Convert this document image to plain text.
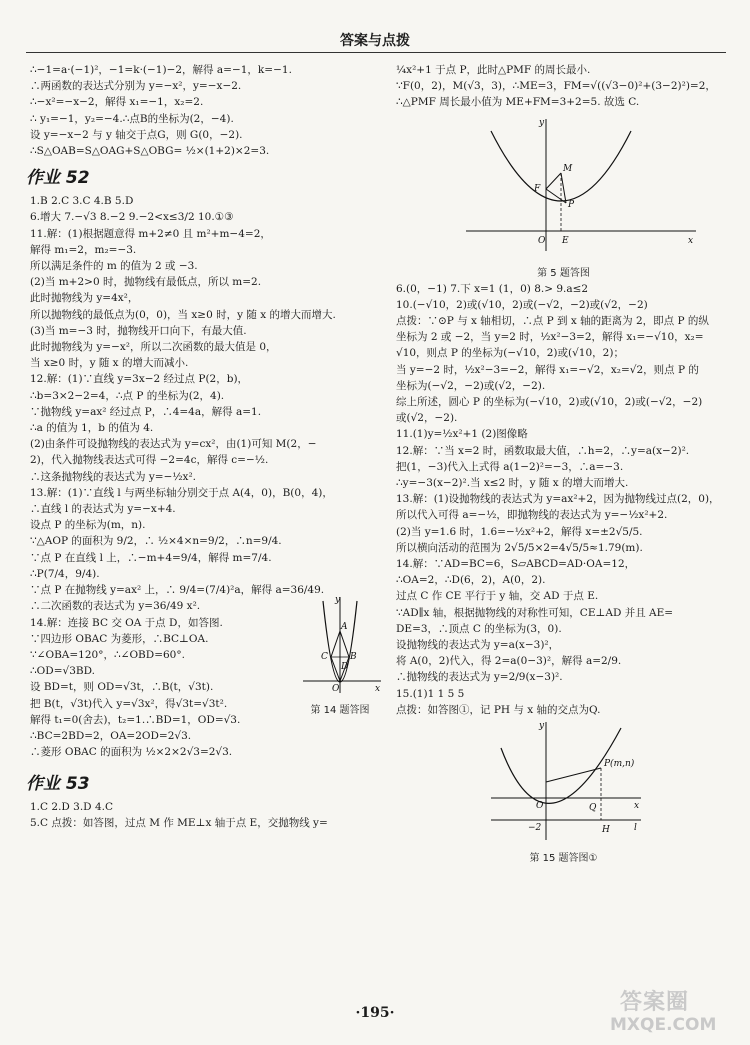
答案与点拨
∴−1=a·(−1)²，−1=k·(−1)−2，解得 a=−1，k=−1.
∴两函数的表达式分别为 y=−x²，y=−x−2.
∴−x²=−x−2，解得 x₁=−1，x₂=2.
∴ y₁=−1，y₂=−4.∴点B的坐标为(2，−4).
设 y=−x−2 与 y 轴交于点G，则 G(0，−2).
∴S△OAB=S△OAG+S△OBG= ½×(1+2)×2=3.
作业 52
1.B 2.C 3.C 4.B 5.D
6.增大 7.−√3 8.−2 9.−2<x≤3/2 10.①③
11.解：(1)根据题意得 m+2≠0 且 m²+m−4=2，
解得 m₁=2，m₂=−3.
所以满足条件的 m 的值为 2 或 −3.
(2)当 m+2>0 时，抛物线有最低点，所以 m=2.
此时抛物线为 y=4x²，
所以抛物线的最低点为(0，0)，当 x≥0 时，y 随 x 的增大而增大.
(3)当 m=−3 时，抛物线开口向下，有最大值.
此时抛物线为 y=−x²，所以二次函数的最大值是 0，
当 x≥0 时，y 随 x 的增大而减小.
12.解：(1)∵直线 y=3x−2 经过点 P(2，b)，
∴b=3×2−2=4，∴点 P 的坐标为(2，4).
∵抛物线 y=ax² 经过点 P，∴4=4a，解得 a=1.
∴a 的值为 1，b 的值为 4.
(2)由条件可设抛物线的表达式为 y=cx²，由(1)可知 M(2，−
2)，代入抛物线表达式可得 −2=4c，解得 c=−½.
∴这条抛物线的表达式为 y=−½x².
13.解：(1)∵直线 l 与两坐标轴分别交于点 A(4，0)，B(0，4)，
∴直线 l 的表达式为 y=−x+4.
设点 P 的坐标为(m，n).
∵△AOP 的面积为 9/2，∴ ½×4×n=9/2，∴n=9/4.
∵点 P 在直线 l 上，∴−m+4=9/4，解得 m=7/4.
∴P(7/4，9/4).
∵点 P 在抛物线 y=ax² 上，∴ 9/4=(7/4)²a，解得 a=36/49.
∴二次函数的表达式为 y=36/49 x².
14.解：连接 BC 交 OA 于点 D，如答图.
∵四边形 OBAC 为菱形，∴BC⊥OA.
∵∠OBA=120°，∴∠OBD=60°.
∴OD=√3BD.
设 BD=t，则 OD=√3t，∴B(t，√3t).
把 B(t，√3t)代入 y=√3x²，得√3t=√3t².
解得 t₁=0(舍去)，t₂=1.∴BD=1，OD=√3.
∴BC=2BD=2，OA=2OD=2√3.
∴菱形 OBAC 的面积为 ½×2×2√3=2√3.
y
A
C B
D
O	x
第 14 题答图
作业 53
1.C 2.D 3.D 4.C
5.C 点拨：如答图，过点 M 作 ME⊥x 轴于点 E，交抛物线 y=
¼x²+1 于点 P，此时△PMF 的周长最小.
∵F(0，2)，M(√3，3)，∴ME=3，FM=√((√3−0)²+(3−2)²)=2，
∴△PMF 周长最小值为 ME+FM=3+2=5. 故选 C.
y
F
M
P
O E	x
第 5 题答图
6.(0，−1) 7.下 x=1 (1，0) 8.> 9.a≤2
10.(−√10，2)或(√10，2)或(−√2，−2)或(√2，−2)
点拨：∵⊙P 与 x 轴相切，∴点 P 到 x 轴的距离为 2，即点 P 的纵
坐标为 2 或 −2，当 y=2 时，½x²−3=2，解得 x₁=−√10，x₂=
√10，则点 P 的坐标为(−√10，2)或(√10，2)；
当 y=−2 时，½x²−3=−2，解得 x₁=−√2，x₂=√2，则点 P 的
坐标为(−√2，−2)或(√2，−2).
综上所述，圆心 P 的坐标为(−√10，2)或(√10，2)或(−√2，−2)
或(√2，−2).
11.(1)y=½x²+1 (2)图像略
12.解：∵当 x=2 时，函数取最大值，∴h=2，∴y=a(x−2)².
把(1，−3)代入上式得 a(1−2)²=−3，∴a=−3.
∴y=−3(x−2)².当 x≤2 时，y 随 x 的增大而增大.
13.解：(1)设抛物线的表达式为 y=ax²+2，因为抛物线过点(2，0)，
所以代入可得 a=−½，即抛物线的表达式为 y=−½x²+2.
(2)当 y=1.6 时，1.6=−½x²+2，解得 x=±2√5/5.
所以横向活动的范围为 2√5/5×2=4√5/5≈1.79(m).
14.解：∵AD=BC=6，S▱ABCD=AD·OA=12，
∴OA=2，∴D(6，2)，A(0，2).
过点 C 作 CE 平行于 y 轴，交 AD 于点 E.
∵AD∥x 轴，根据抛物线的对称性可知，CE⊥AD 并且 AE=
DE=3，∴顶点 C 的坐标为(3，0).
设抛物线的表达式为 y=a(x−3)²，
将 A(0，2)代入，得 2=a(0−3)²，解得 a=2/9.
∴抛物线的表达式为 y=2/9(x−3)².
15.(1)1 1 5 5
点拨：如答图①，记 PH 与 x 轴的交点为Q.
y
P(m,n)
O	Q
H
−2
x
l
第 15 题答图①
·195·	答案圈
MXQE.COM
